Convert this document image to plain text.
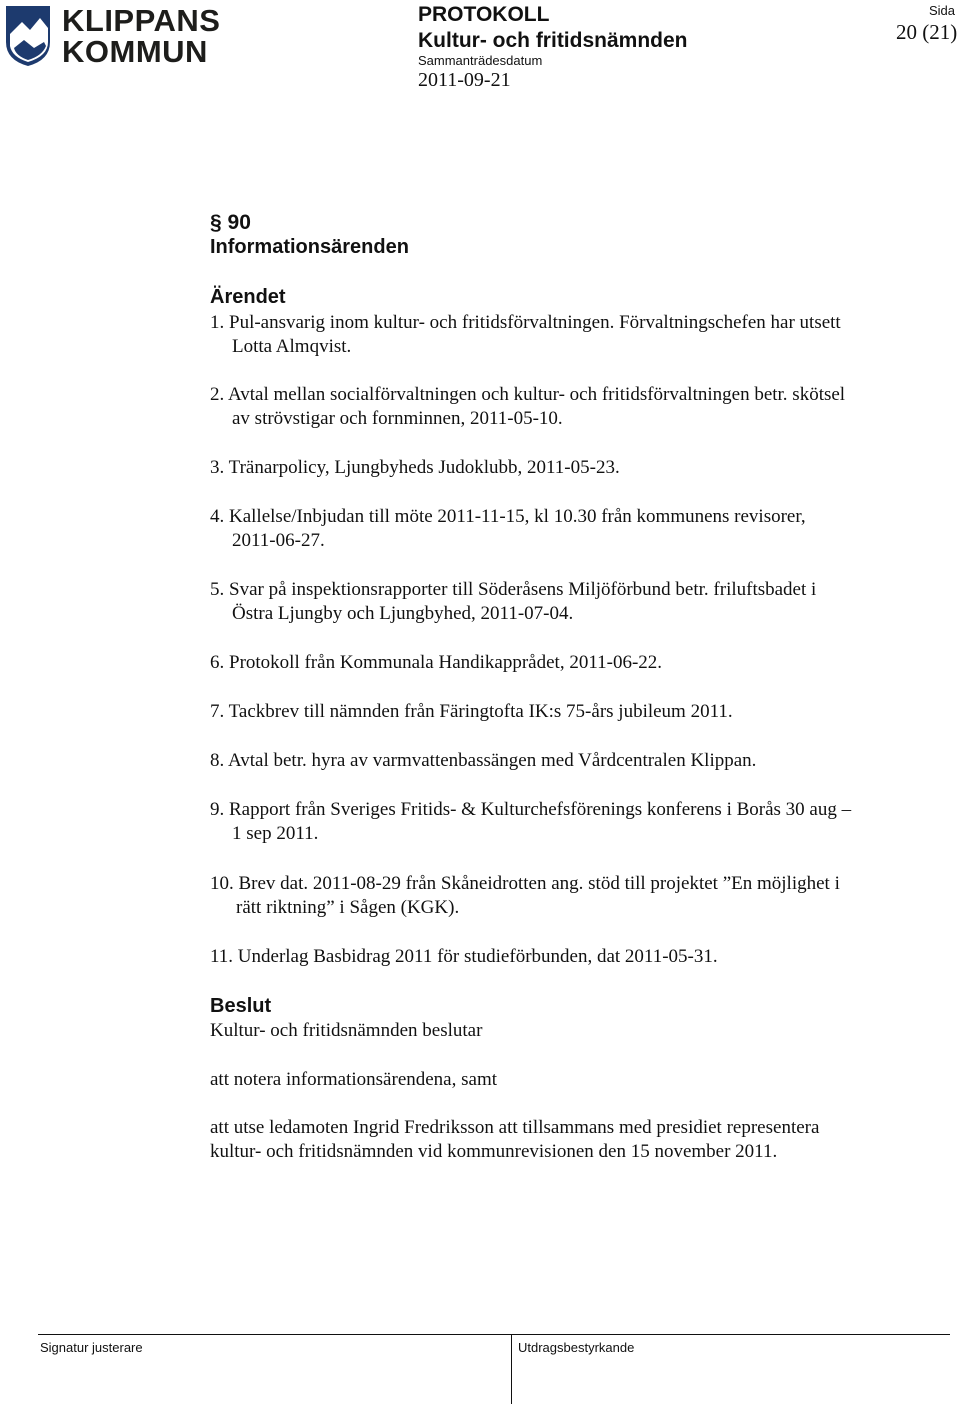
KLIPPANS
KOMMUN
PROTOKOLL
Kultur- och fritidsnämnden
Sammanträdesdatum
2011-09-21
Sida
20 (21)
§ 90
Informationsärenden
Ärendet
1. Pul-ansvarig inom kultur- och fritidsförvaltningen. Förvaltningschefen har utsett
Lotta Almqvist.
2. Avtal mellan socialförvaltningen och kultur- och fritidsförvaltningen betr. skötsel
av strövstigar och fornminnen, 2011-05-10.
3. Tränarpolicy, Ljungbyheds Judoklubb, 2011-05-23.
4. Kallelse/Inbjudan till möte 2011-11-15, kl 10.30 från kommunens revisorer,
2011-06-27.
5. Svar på inspektionsrapporter till Söderåsens Miljöförbund betr. friluftsbadet i
Östra Ljungby och Ljungbyhed, 2011-07-04.
6. Protokoll från Kommunala Handikapprådet, 2011-06-22.
7. Tackbrev till nämnden från Färingtofta IK:s 75-års jubileum 2011.
8. Avtal betr. hyra av varmvattenbassängen med Vårdcentralen Klippan.
9. Rapport från Sveriges Fritids- & Kulturchefsförenings konferens i Borås 30 aug –
1 sep 2011.
10. Brev dat. 2011-08-29 från Skåneidrotten ang. stöd till projektet ”En möjlighet i
rätt riktning” i Sågen (KGK).
11. Underlag Basbidrag 2011 för studieförbunden, dat 2011-05-31.
Beslut
Kultur- och fritidsnämnden beslutar
att notera informationsärendena, samt
att utse ledamoten Ingrid Fredriksson att tillsammans med presidiet representera
kultur- och fritidsnämnden vid kommunrevisionen den 15 november 2011.
Signatur justerare	Utdragsbestyrkande
